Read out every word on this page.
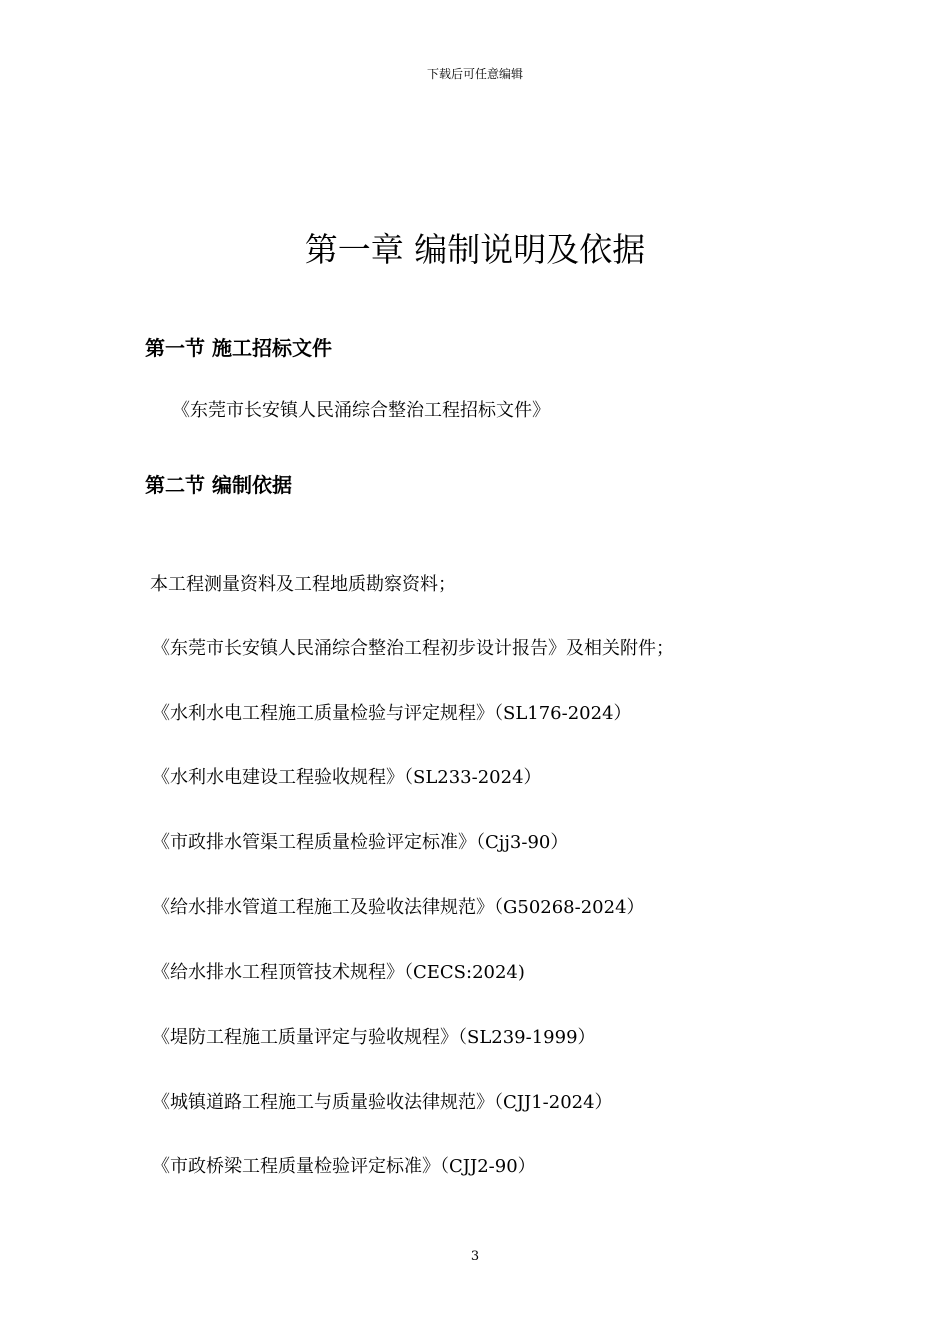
下载后可任意编辑
第一章 编制说明及依据
第一节 施工招标文件

《东莞市长安镇人民涌综合整治工程招标文件》

第二节 编制依据

本工程测量资料及工程地质勘察资料；

《东莞市长安镇人民涌综合整治工程初步设计报告》及相关附件；

《水利水电工程施工质量检验与评定规程》（SL176-2024）

《水利水电建设工程验收规程》（SL233-2024）

《市政排水管渠工程质量检验评定标准》（Cjj3-90）

《给水排水管道工程施工及验收法律规范》（G50268-2024）

《给水排水工程顶管技术规程》（CECS:2024)

《堤防工程施工质量评定与验收规程》（SL239-1999）

《城镇道路工程施工与质量验收法律规范》（CJJ1-2024）

《市政桥梁工程质量检验评定标准》（CJJ2-90）

3
